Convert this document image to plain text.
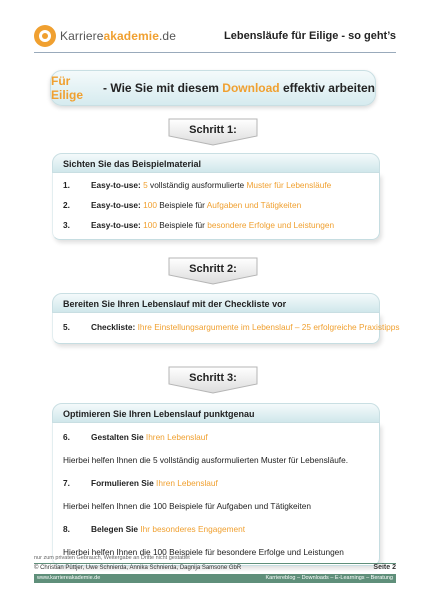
Karriereakademie.de	Lebensläufe für Eilige - so geht’s
Für Eilige	- Wie Sie mit diesem Download effektiv arbeiten
Schritt 1:
Sichten Sie das Beispielmaterial
1.	Easy-to-use: 5 vollständig ausformulierte Muster für Lebensläufe
2.	Easy-to-use: 100 Beispiele für Aufgaben und Tätigkeiten
3.	Easy-to-use: 100 Beispiele für besondere Erfolge und Leistungen
Schritt 2:
Bereiten Sie Ihren Lebenslauf mit der Checkliste vor
5.	Checkliste: Ihre Einstellungsargumente im Lebenslauf – 25 erfolgreiche Praxistipps
Schritt 3:
Optimieren Sie Ihren Lebenslauf punktgenau
6.	Gestalten Sie Ihren Lebenslauf
Hierbei helfen Ihnen die 5 vollständig ausformulierten Muster für Lebensläufe.
7.	Formulieren Sie Ihren Lebenslauf
Hierbei helfen Ihnen die 100 Beispiele für Aufgaben und Tätigkeiten
8.	Belegen Sie Ihr besonderes Engagement
Hierbei helfen Ihnen die 100 Beispiele für besondere Erfolge und Leistungen
nur zum privaten Gebrauch, Weitergabe an Dritte nicht gestattet
© Christian Püttjer, Uwe Schnierda, Annika Schnierda, Dagnija Samsone GbR	Seite 2
www.karriereakademie.de	Karriereblog – Downloads – E-Learnings – Beratung
